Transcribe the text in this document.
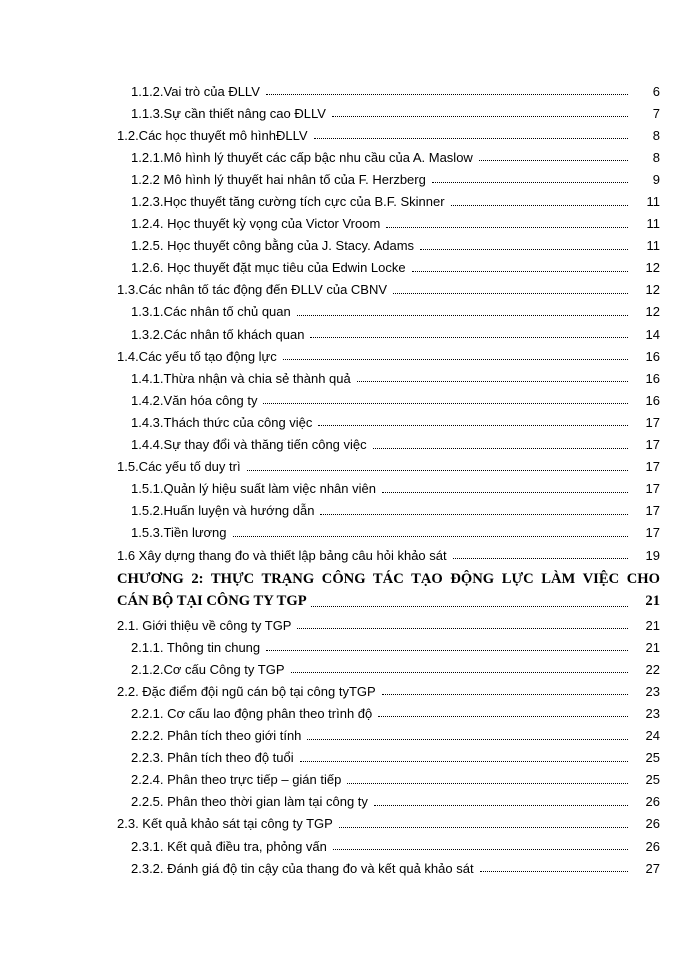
1.1.2.Vai trò của ĐLLV	6
1.1.3.Sự cần thiết nâng cao ĐLLV	7
1.2.Các học thuyết mô hìnhĐLLV	8
1.2.1.Mô hình lý thuyết các cấp bậc nhu cầu của A. Maslow	8
1.2.2 Mô hình lý thuyết hai nhân tố của F. Herzberg	9
1.2.3.Học thuyết tăng cường tích cực của B.F. Skinner	11
1.2.4. Học thuyết kỳ vọng của Victor Vroom	11
1.2.5. Học thuyết công bằng của J. Stacy. Adams	11
1.2.6. Học thuyết đặt mục tiêu của Edwin Locke	12
1.3.Các nhân tố tác động đến ĐLLV của CBNV	12
1.3.1.Các nhân tố chủ quan	12
1.3.2.Các nhân tố khách quan	14
1.4.Các yếu tố tạo động lực	16
1.4.1.Thừa nhận và chia sẻ thành quả	16
1.4.2.Văn hóa công ty	16
1.4.3.Thách thức của công việc	17
1.4.4.Sự thay đổi và thăng tiến công việc	17
1.5.Các yếu tố duy trì	17
1.5.1.Quản lý hiệu suất làm việc nhân viên	17
1.5.2.Huấn luyện và hướng dẫn	17
1.5.3.Tiền lương	17
1.6 Xây dựng thang đo và thiết lập bảng câu hỏi khảo sát	19
CHƯƠNG 2: THỰC TRẠNG CÔNG TÁC TẠO ĐỘNG LỰC LÀM VIỆC CHO
CÁN BỘ TẠI CÔNG TY TGP	21
2.1. Giới thiệu về công ty TGP	21
2.1.1. Thông tin chung	21
2.1.2.Cơ cấu Công ty TGP	22
2.2. Đặc điểm đội ngũ cán bộ tại công tyTGP	23
2.2.1. Cơ cấu lao động phân theo trình độ	23
2.2.2. Phân tích theo giới tính	24
2.2.3. Phân tích theo độ tuổi	25
2.2.4. Phân theo trực tiếp – gián tiếp	25
2.2.5. Phân theo thời gian làm tại công ty	26
2.3. Kết quả khảo sát tại công ty TGP	26
2.3.1. Kết quả điều tra, phỏng vấn	26
2.3.2. Đánh giá độ tin cậy của thang đo và kết quả khảo sát	27
